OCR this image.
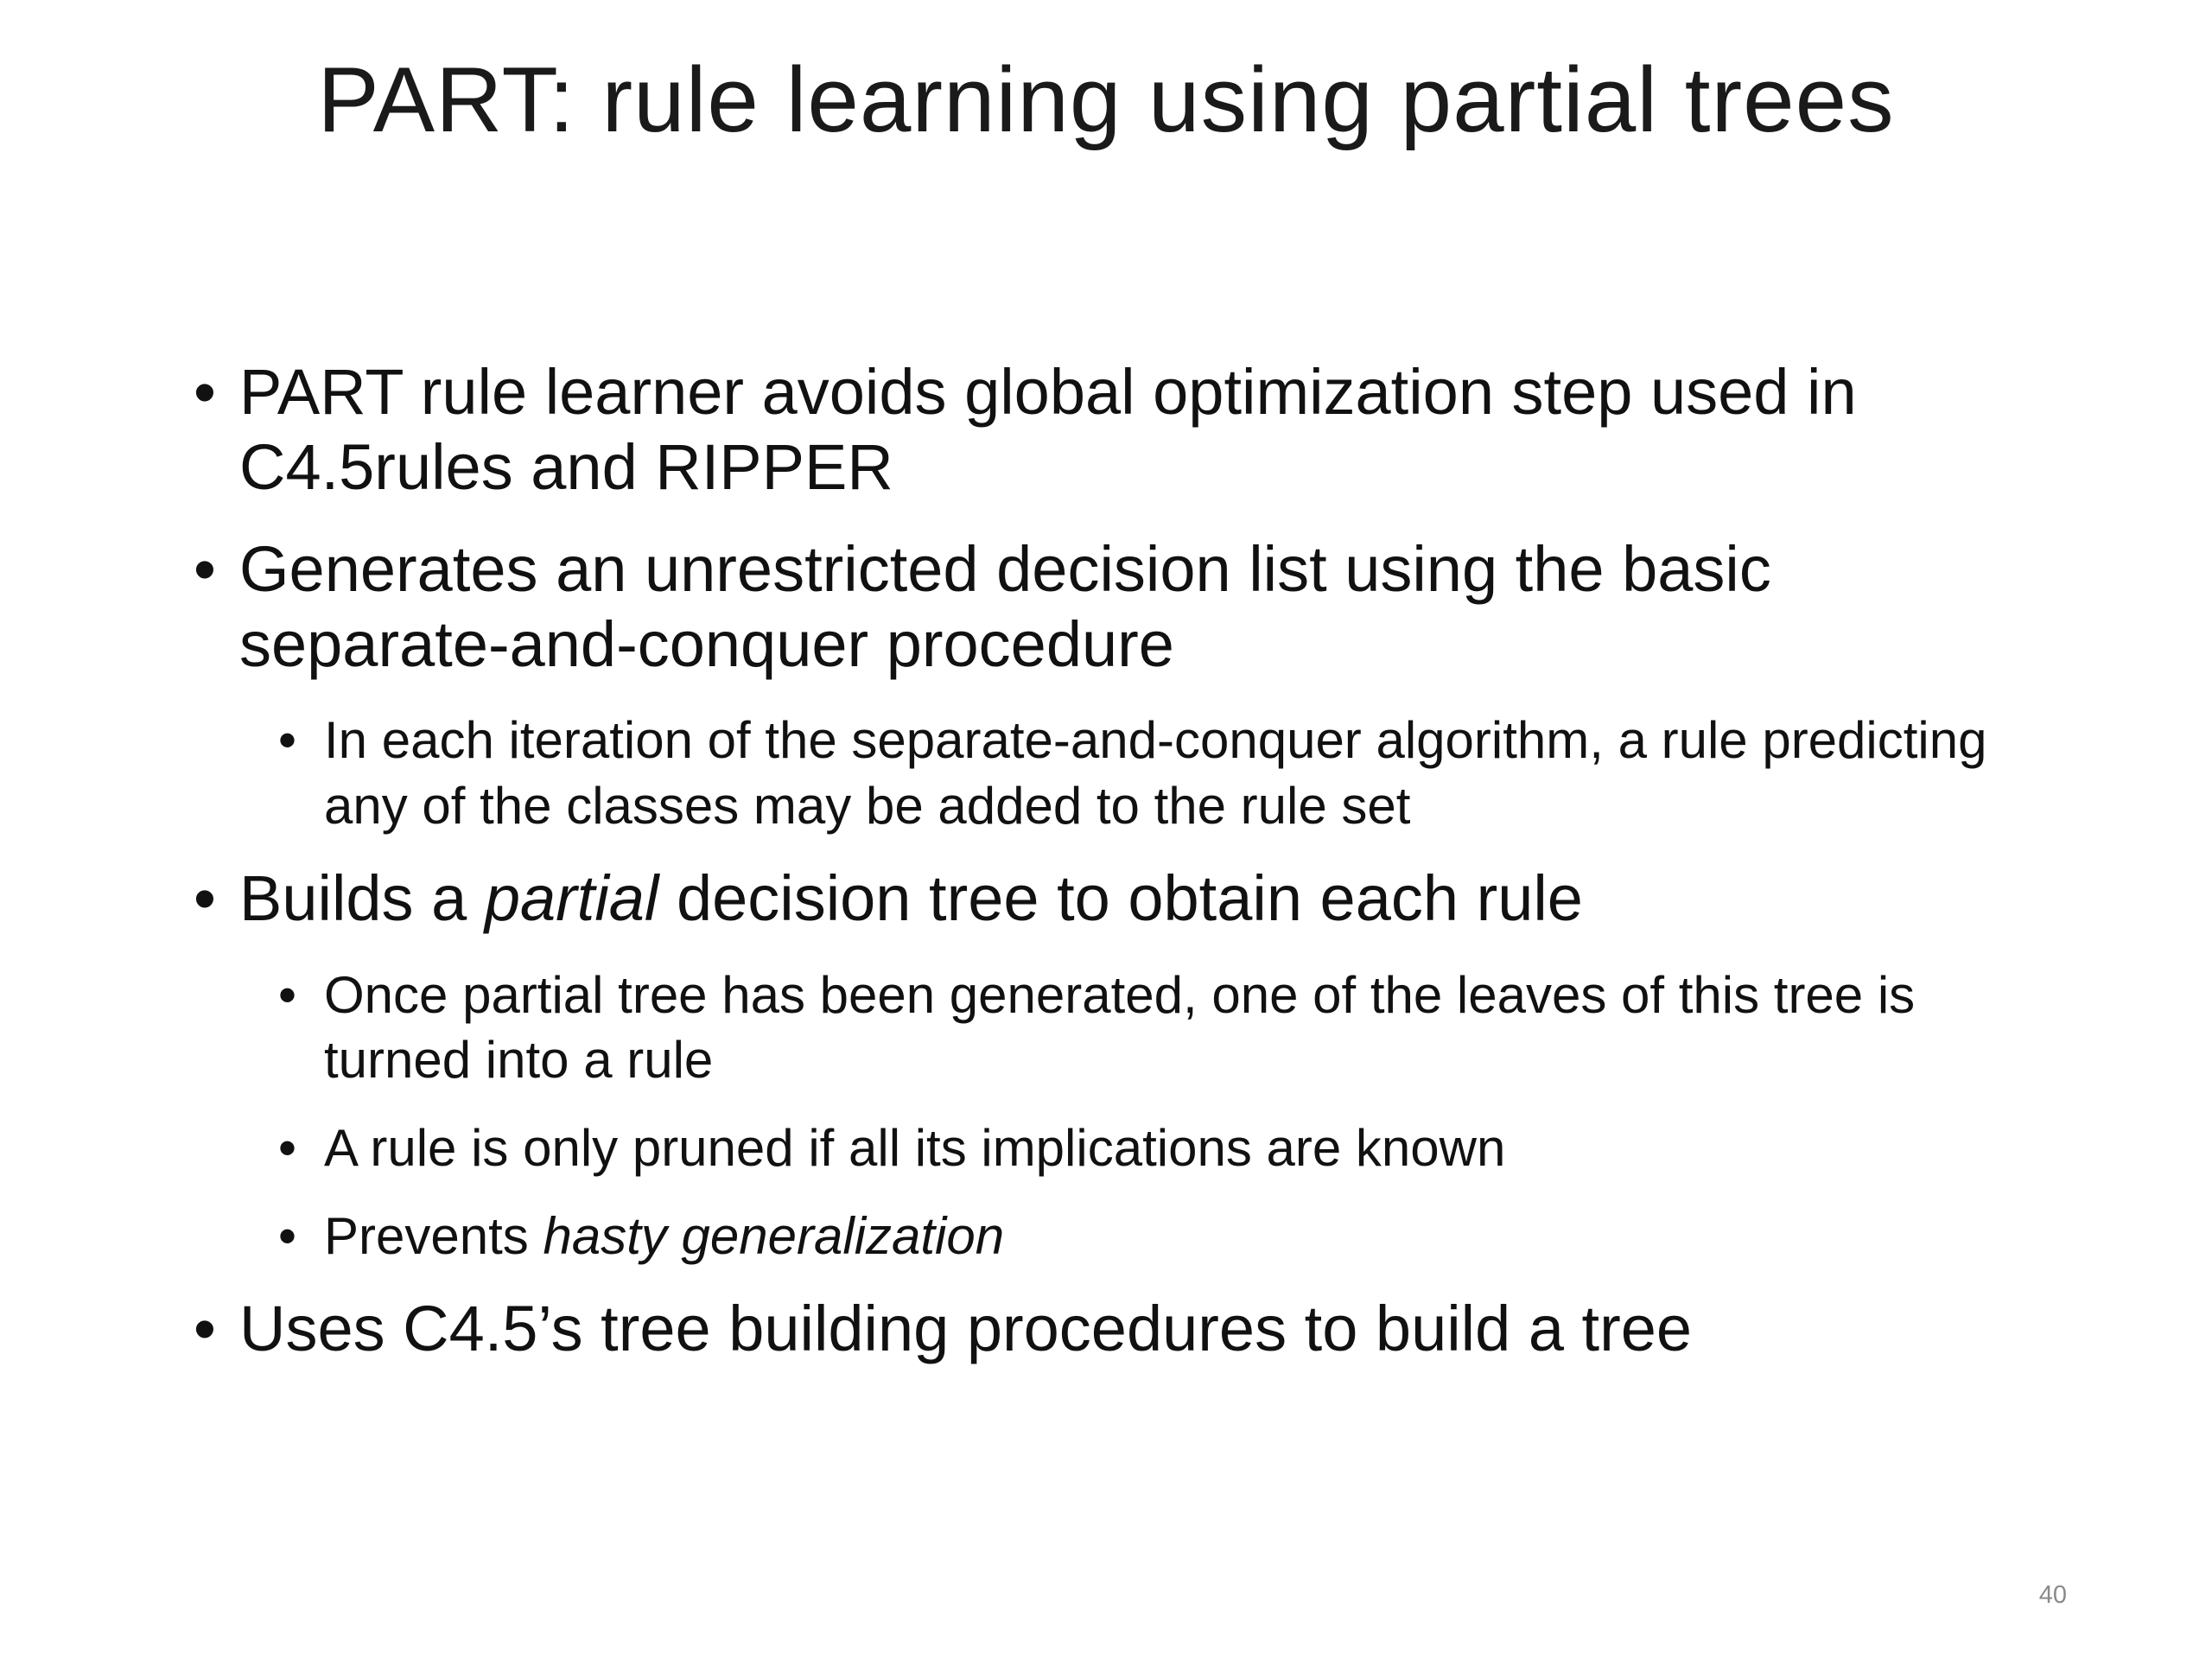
PART: rule learning using partial trees
• PART rule learner avoids global optimization step used in C4.5rules and RIPPER
• Generates an unrestricted decision list using the basic separate-and-conquer procedure
• In each iteration of the separate-and-conquer algorithm, a rule predicting any of the classes may be added to the rule set
• Builds a partial decision tree to obtain each rule
• Once partial tree has been generated, one of the leaves of this tree is turned into a rule
• A rule is only pruned if all its implications are known
• Prevents hasty generalization
• Uses C4.5’s tree building procedures to build a tree
40
